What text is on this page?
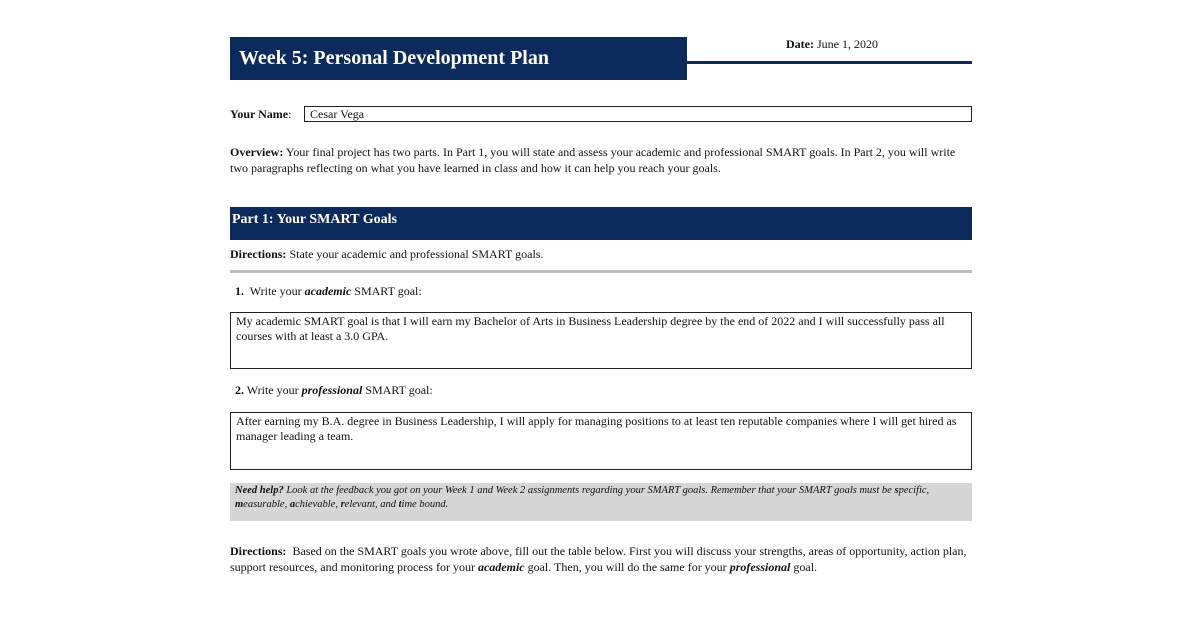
Week 5: Personal Development Plan
Date: June 1, 2020
Your Name:	Cesar Vega
Overview: Your final project has two parts. In Part 1, you will state and assess your academic and professional SMART goals. In Part 2, you will write two paragraphs reflecting on what you have learned in class and how it can help you reach your goals.
Part 1: Your SMART Goals
Directions: State your academic and professional SMART goals.
1.  Write your academic SMART goal:
My academic SMART goal is that I will earn my Bachelor of Arts in Business Leadership degree by the end of 2022 and I will successfully pass all courses with at least a 3.0 GPA.
2. Write your professional SMART goal:
After earning my B.A. degree in Business Leadership, I will apply for managing positions to at least ten reputable companies where I will get hired as manager leading a team.
Need help? Look at the feedback you got on your Week 1 and Week 2 assignments regarding your SMART goals. Remember that your SMART goals must be specific, measurable, achievable, relevant, and time bound.
Directions:  Based on the SMART goals you wrote above, fill out the table below. First you will discuss your strengths, areas of opportunity, action plan, support resources, and monitoring process for your academic goal. Then, you will do the same for your professional goal.
